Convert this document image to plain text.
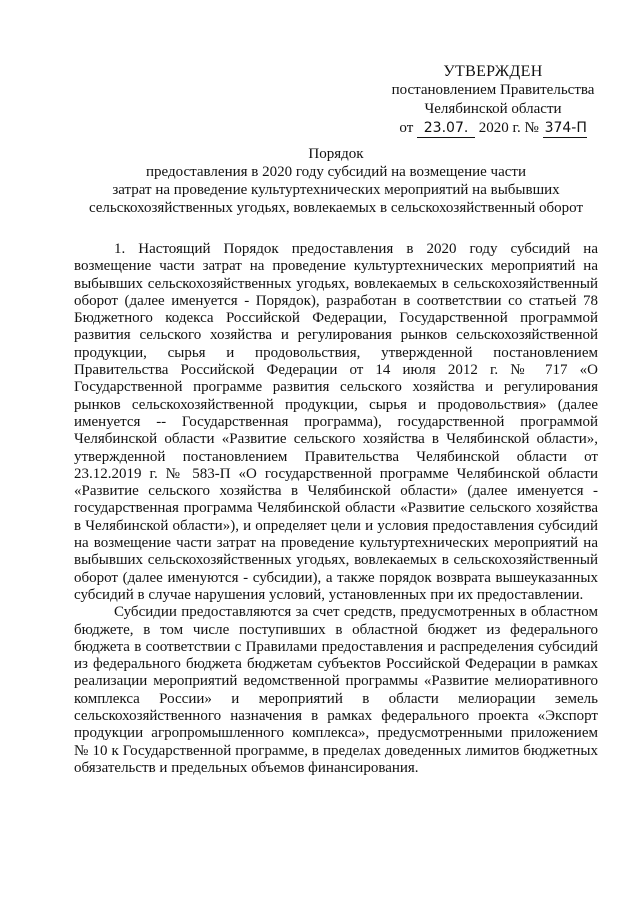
УТВЕРЖДЕН
постановлением Правительства
Челябинской области
от 23.07. 2020 г. № 374-П
Порядок
предоставления в 2020 году субсидий на возмещение части
затрат на проведение культуртехнических мероприятий на выбывших
сельскохозяйственных угодьях, вовлекаемых в сельскохозяйственный оборот

1. Настоящий Порядок предоставления в 2020 году субсидий на возмещение части затрат на проведение культуртехнических мероприятий на выбывших сельскохозяйственных угодьях, вовлекаемых в сельскохозяйственный оборот (далее именуется - Порядок), разработан в соответствии со статьей 78 Бюджетного кодекса Российской Федерации, Государственной программой развития сельского хозяйства и регулирования рынков сельскохозяйственной продукции, сырья и продовольствия, утвержденной постановлением Правительства Российской Федерации от 14 июля 2012 г. № 717 «О Государственной программе развития сельского хозяйства и регулирования рынков сельскохозяйственной продукции, сырья и продовольствия» (далее именуется -- Государственная программа), государственной программой Челябинской области «Развитие сельского хозяйства в Челябинской области», утвержденной постановлением Правительства Челябинской области от 23.12.2019 г. № 583-П «О государственной программе Челябинской области «Развитие сельского хозяйства в Челябинской области» (далее именуется - государственная программа Челябинской области «Развитие сельского хозяйства в Челябинской области»), и определяет цели и условия предоставления субсидий на возмещение части затрат на проведение культуртехнических мероприятий на выбывших сельскохозяйственных угодьях, вовлекаемых в сельскохозяйственный оборот (далее именуются - субсидии), а также порядок возврата вышеуказанных субсидий в случае нарушения условий, установленных при их предоставлении.

Субсидии предоставляются за счет средств, предусмотренных в областном бюджете, в том числе поступивших в областной бюджет из федерального бюджета в соответствии с Правилами предоставления и распределения субсидий из федерального бюджета бюджетам субъектов Российской Федерации в рамках реализации мероприятий ведомственной программы «Развитие мелиоративного комплекса России» и мероприятий в области мелиорации земель сельскохозяйственного назначения в рамках федерального проекта «Экспорт продукции агропромышленного комплекса», предусмотренными приложением № 10 к Государственной программе, в пределах доведенных лимитов бюджетных обязательств и предельных объемов финансирования.
